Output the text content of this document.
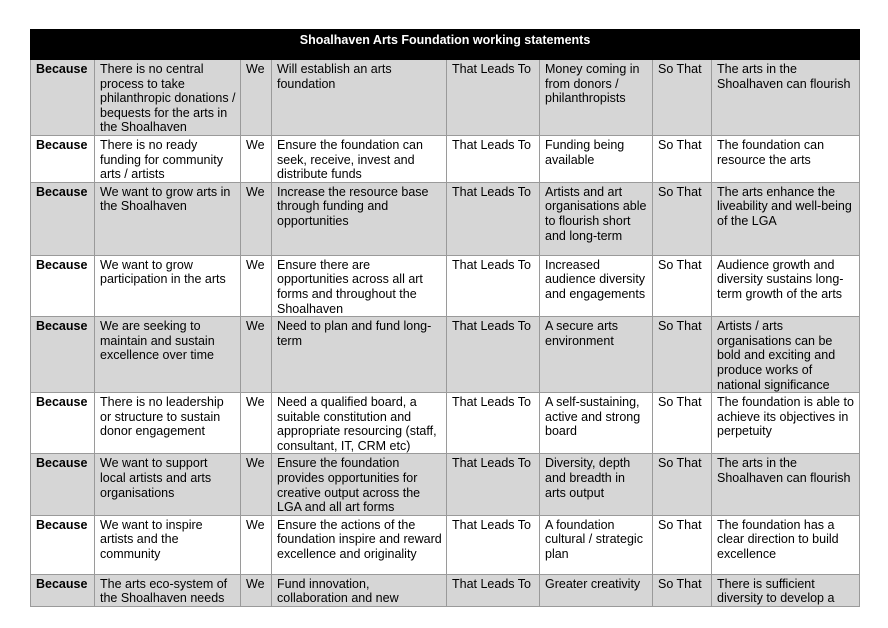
Shoalhaven Arts Foundation working statements							
Because	There is no central process to take philanthropic donations / bequests for the arts in the Shoalhaven	We	Will establish an arts foundation	That Leads To	Money coming in from donors / philanthropists	So That	The arts in the Shoalhaven can flourish
Because	There is no ready funding for community arts / artists	We	Ensure the foundation can seek, receive, invest and distribute funds	That Leads To	Funding being available	So That	The foundation can resource the arts
Because	We want to grow arts in the Shoalhaven	We	Increase the resource base through funding and opportunities	That Leads To	Artists and art organisations able to flourish short and long-term	So That	The arts enhance the liveability and well-being of the LGA
Because	We want to grow participation in the arts	We	Ensure there are opportunities across all art forms and throughout the Shoalhaven	That Leads To	Increased audience diversity and engagements	So That	Audience growth and diversity sustains long-term growth of the arts
Because	We are seeking to maintain and sustain excellence over time	We	Need to plan and fund long-term	That Leads To	A secure arts environment	So That	Artists / arts organisations can be bold and exciting and produce works of national significance
Because	There is no leadership or structure to sustain donor engagement	We	Need a qualified board, a suitable constitution and appropriate resourcing (staff, consultant, IT, CRM etc)	That Leads To	A self-sustaining, active and strong board	So That	The foundation is able to achieve its objectives in perpetuity
Because	We want to support local artists and arts organisations	We	Ensure the foundation provides opportunities for creative output across the LGA and all art forms	That Leads To	Diversity, depth and breadth in arts output	So That	The arts in the Shoalhaven can flourish
Because	We want to inspire artists and the community	We	Ensure the actions of the foundation inspire and reward excellence and originality	That Leads To	A foundation cultural / strategic plan	So That	The foundation has a clear direction to build excellence
Because	The arts eco-system of the Shoalhaven needs	We	Fund innovation, collaboration and new	That Leads To	Greater creativity	So That	There is sufficient diversity to develop a
